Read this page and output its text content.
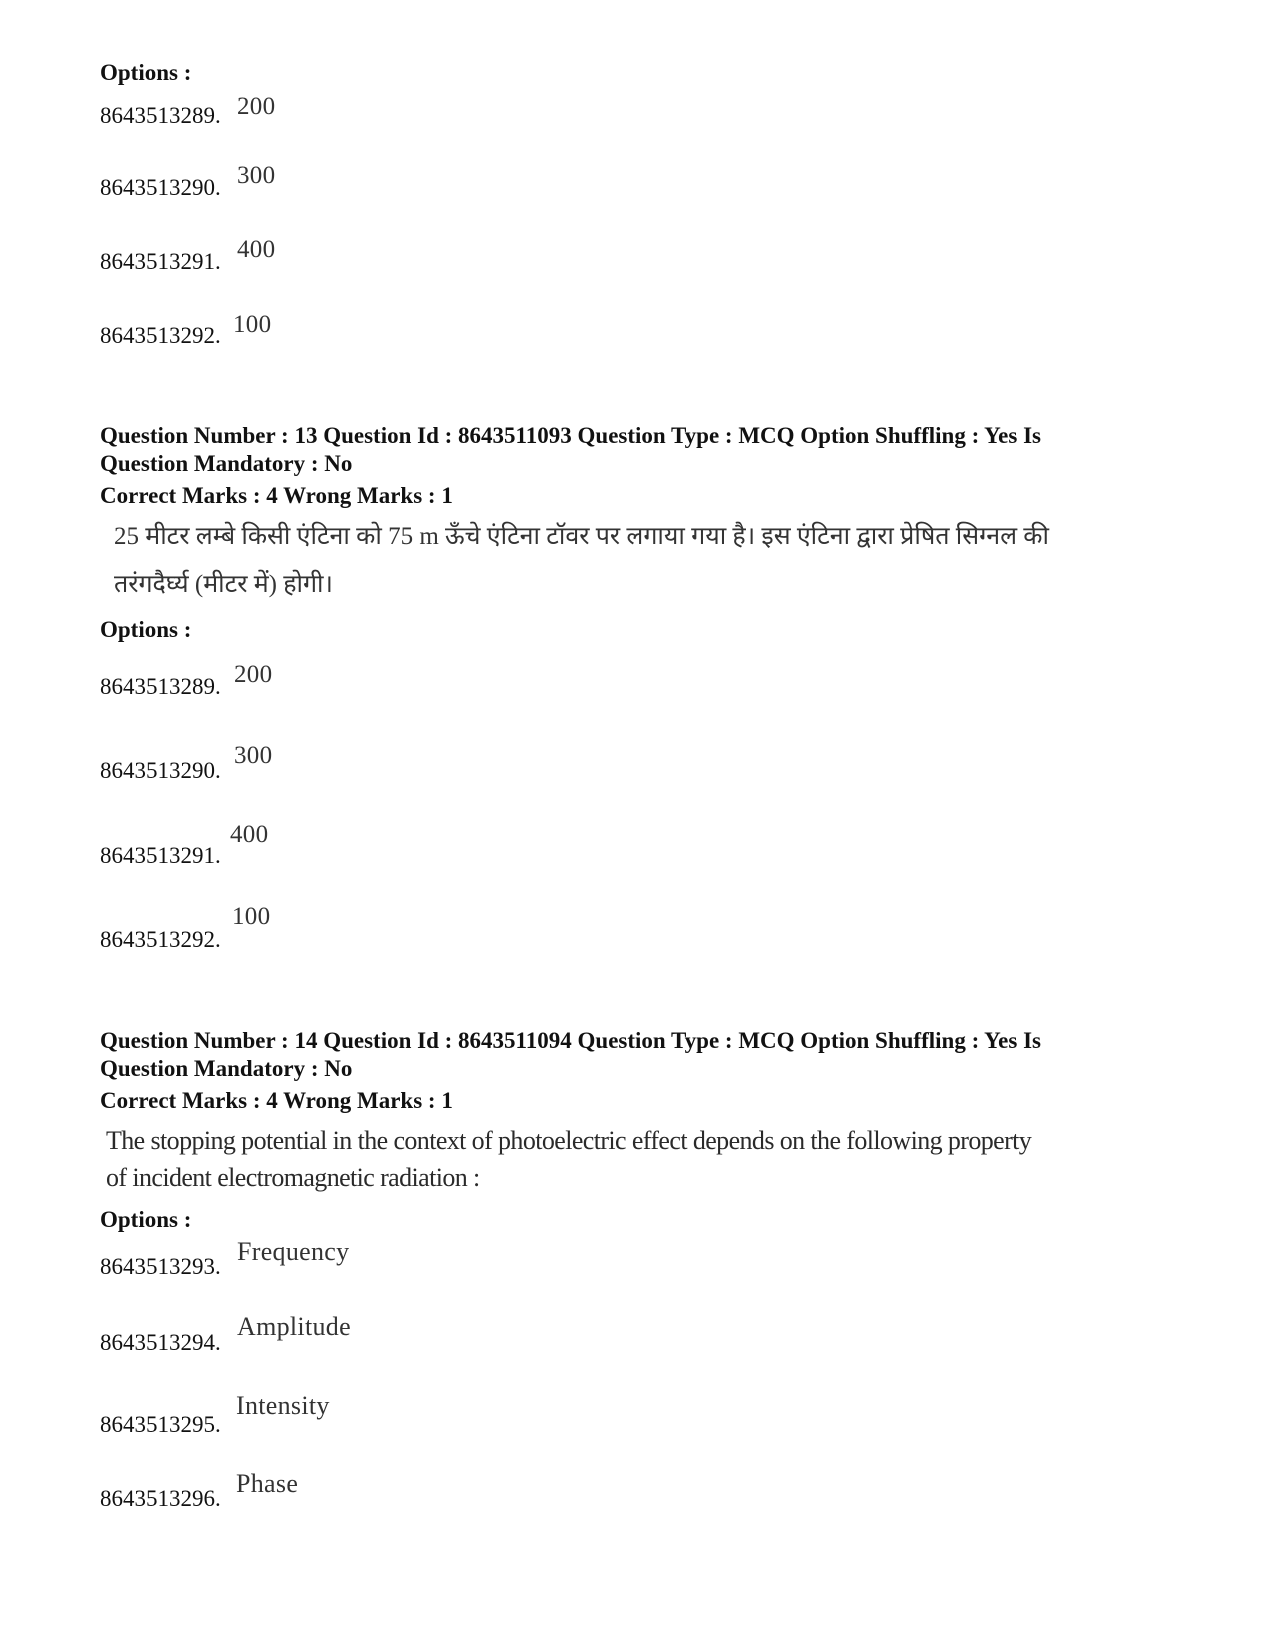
Options :
8643513289. 200
8643513290. 300
8643513291. 400
8643513292. 100
Question Number : 13 Question Id : 8643511093 Question Type : MCQ Option Shuffling : Yes Is
Question Mandatory : No
Correct Marks : 4 Wrong Marks : 1
25 मीटर लम्बे किसी एंटिना को 75 m ऊँचे एंटिना टॉवर पर लगाया गया है। इस एंटिना द्वारा प्रेषित सिग्नल की
तरंगदैर्घ्य (मीटर में) होगी।
Options :
8643513289. 200
8643513290.
300
8643513291.
400
8643513292.
100
Question Number : 14 Question Id : 8643511094 Question Type : MCQ Option Shuffling : Yes Is
Question Mandatory : No
Correct Marks : 4 Wrong Marks : 1
The stopping potential in the context of photoelectric effect depends on the following property
of incident electromagnetic radiation :
Options :
8643513293.
Frequency
8643513294.
Amplitude
8643513295.
Intensity
8643513296.
Phase
